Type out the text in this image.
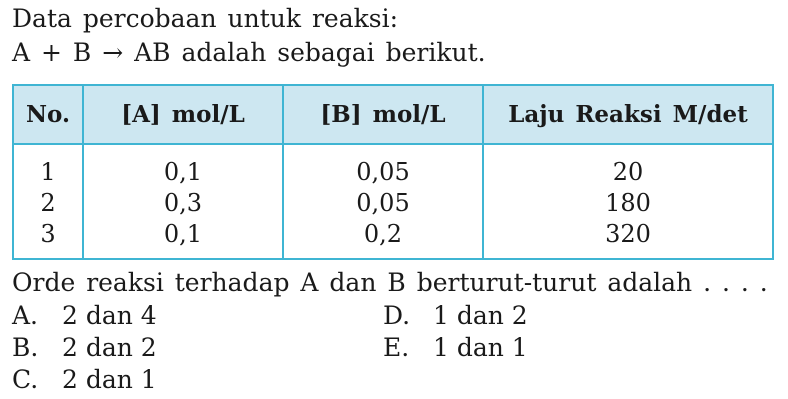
Data percobaan untuk reaksi:
A + B → AB adalah sebagai berikut.
No.	[A] mol/L	[B] mol/L	Laju Reaksi M/det
1	0,1	0,05	20
2	0,3	0,05	180
3	0,1	0,2	320
Orde reaksi terhadap A dan B berturut-turut adalah . . . .
A. 2 dan 4
B. 2 dan 2
C. 2 dan 1
D. 1 dan 2
E. 1 dan 1
